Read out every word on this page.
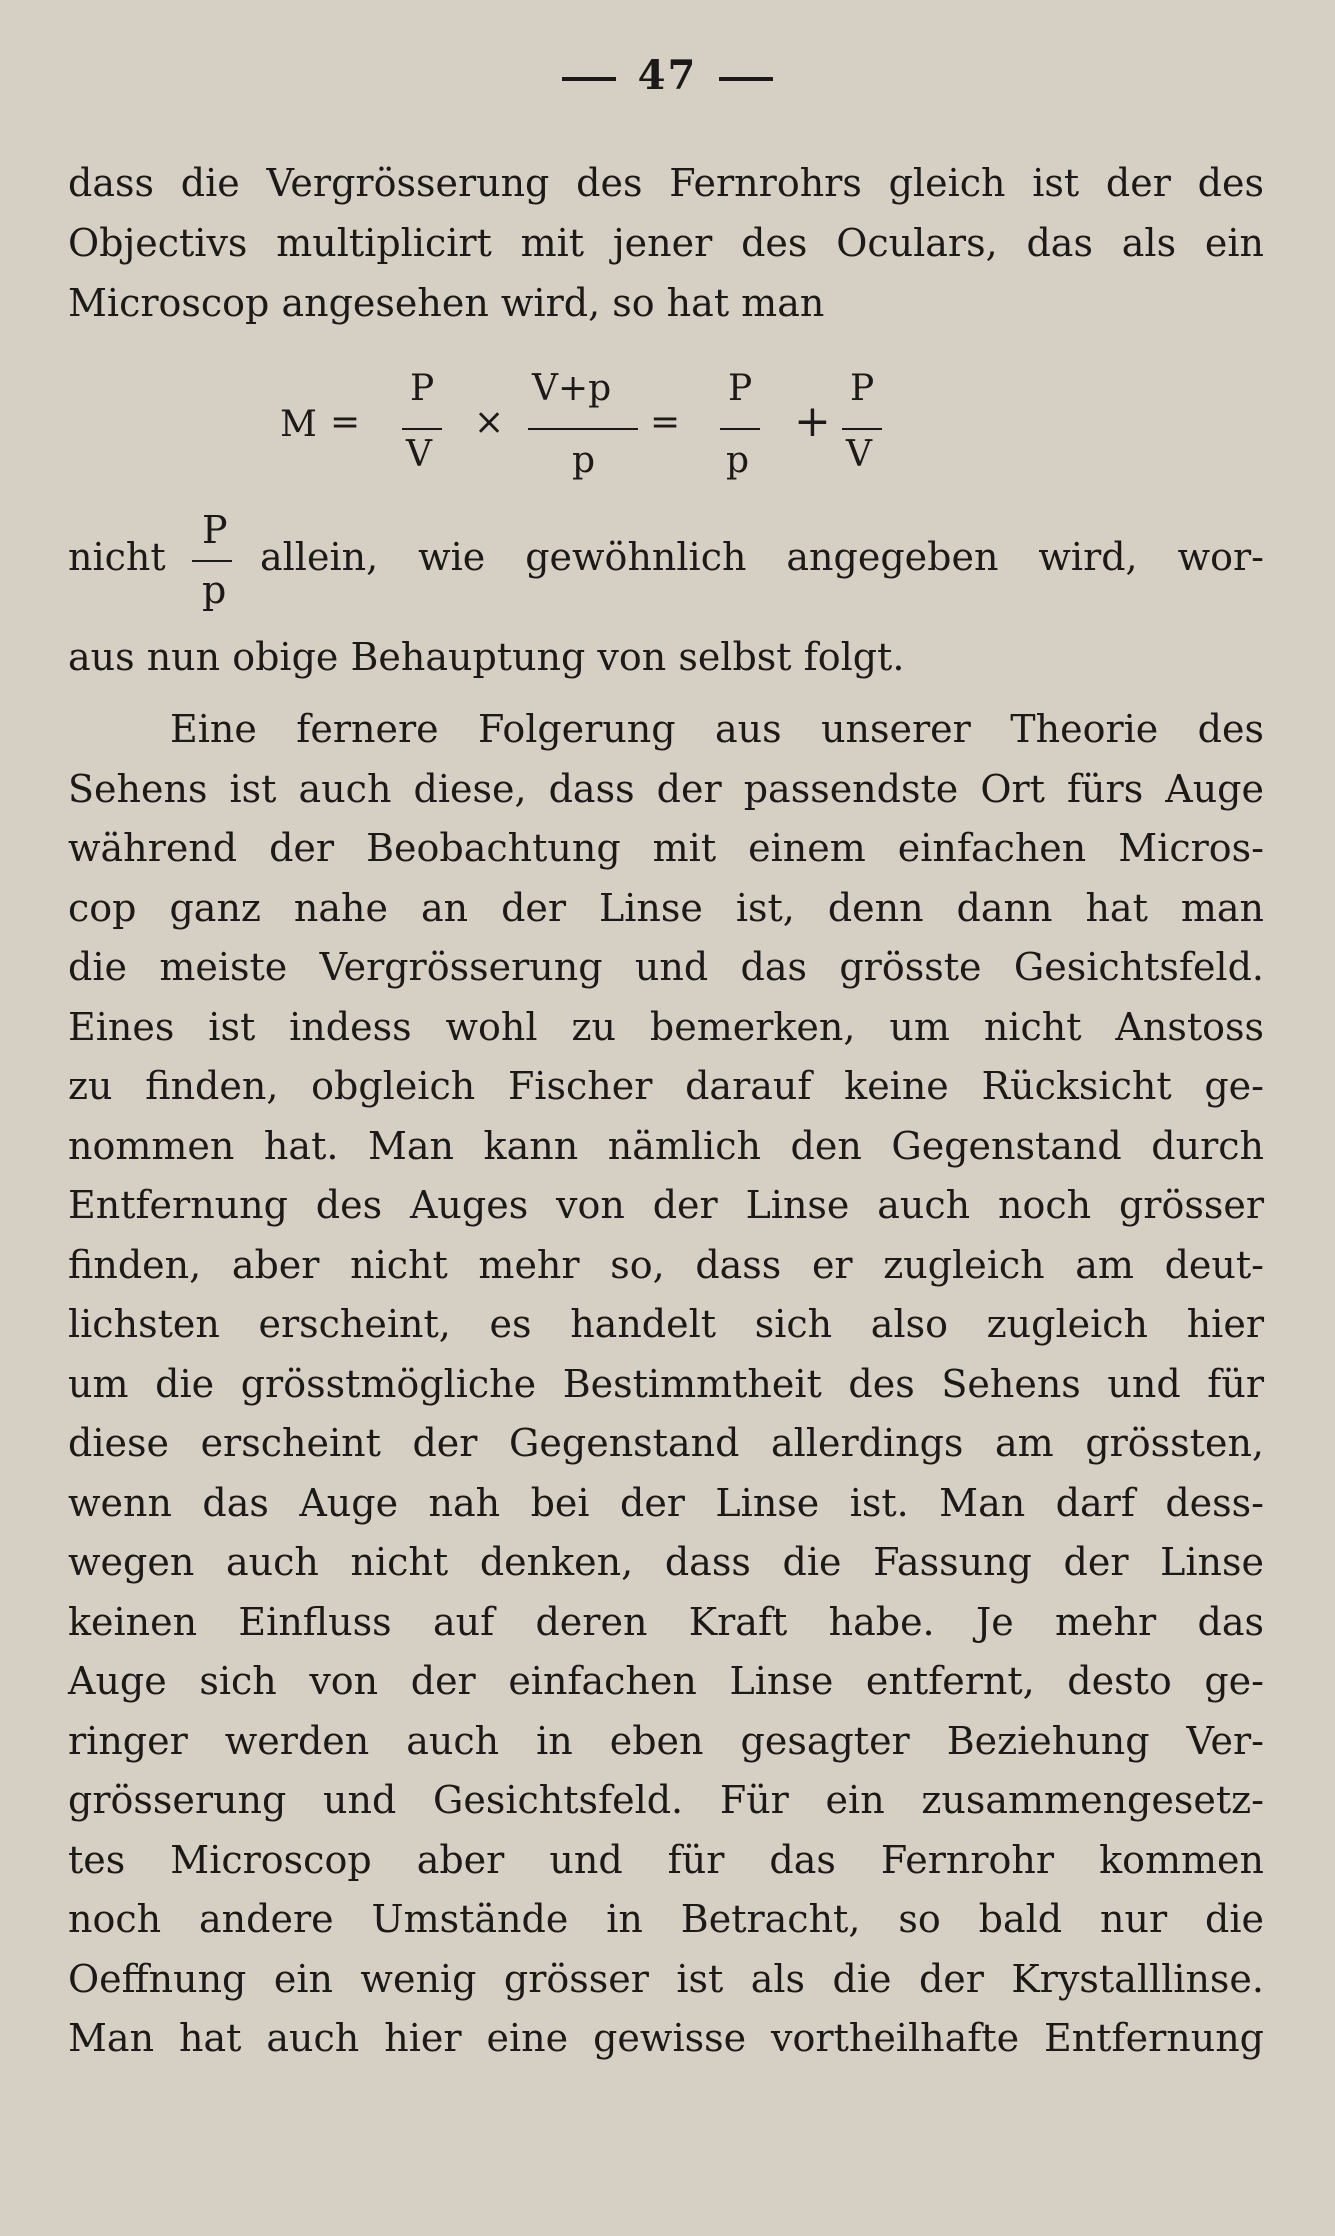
47
dass die Vergrösserung des Fernrohrs gleich ist der des
Objectivs multiplicirt mit jener des Oculars, das als ein
Microscop angesehen wird, so hat man
M =
P
V
×
V+p
p
=
P
p
+
P
V
nicht
P
p
allein, wie gewöhnlich angegeben wird, wor-
aus nun obige Behauptung von selbst folgt.
Eine fernere Folgerung aus unserer Theorie des
Sehens ist auch diese, dass der passendste Ort fürs Auge
während der Beobachtung mit einem einfachen Micros-
cop ganz nahe an der Linse ist, denn dann hat man
die meiste Vergrösserung und das grösste Gesichtsfeld.
Eines ist indess wohl zu bemerken, um nicht Anstoss
zu finden, obgleich Fischer darauf keine Rücksicht ge-
nommen hat. Man kann nämlich den Gegenstand durch
Entfernung des Auges von der Linse auch noch grösser
finden, aber nicht mehr so, dass er zugleich am deut-
lichsten erscheint, es handelt sich also zugleich hier
um die grösstmögliche Bestimmtheit des Sehens und für
diese erscheint der Gegenstand allerdings am grössten,
wenn das Auge nah bei der Linse ist. Man darf dess-
wegen auch nicht denken, dass die Fassung der Linse
keinen Einfluss auf deren Kraft habe. Je mehr das
Auge sich von der einfachen Linse entfernt, desto ge-
ringer werden auch in eben gesagter Beziehung Ver-
grösserung und Gesichtsfeld. Für ein zusammengesetz-
tes Microscop aber und für das Fernrohr kommen
noch andere Umstände in Betracht, so bald nur die
Oeffnung ein wenig grösser ist als die der Krystalllinse.
Man hat auch hier eine gewisse vortheilhafte Entfernung
